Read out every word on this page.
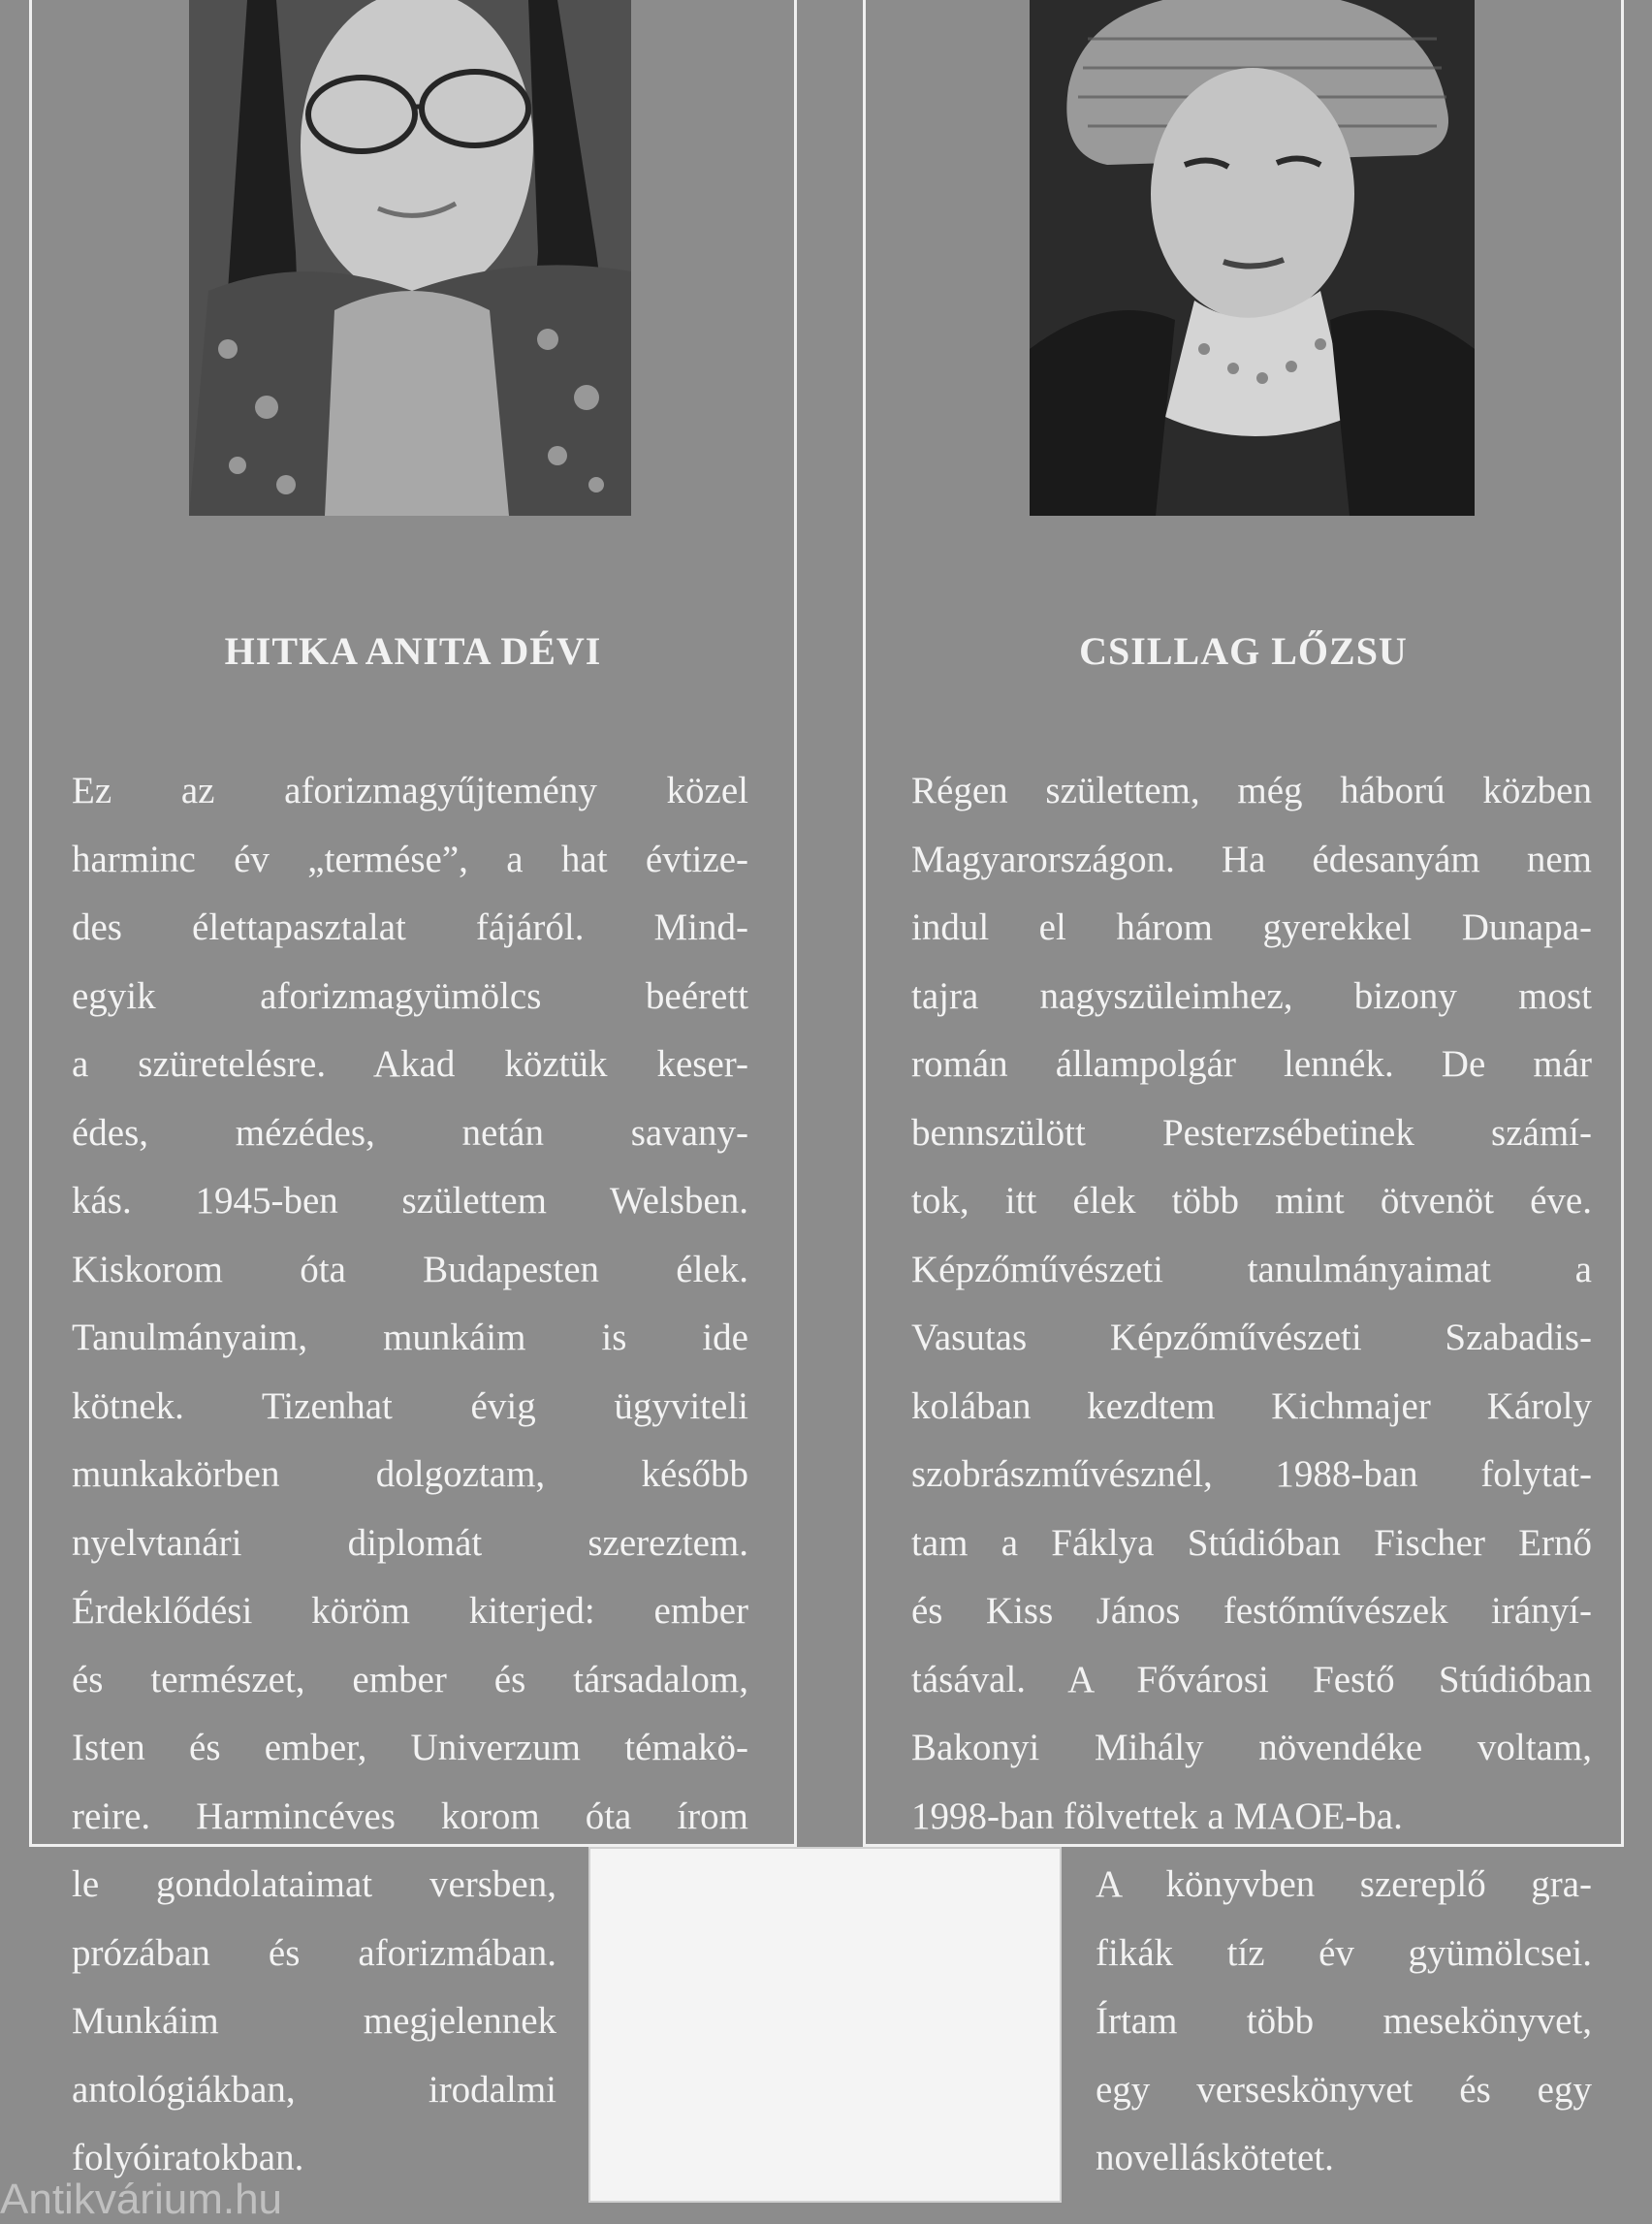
HITKA ANITA DÉVI	CSILLAG LŐZSU
Ez az aforizmagyűjtemény közel
harminc év „termése”, a hat évtize-
des élettapasztalat fájáról. Mind-
egyik aforizmagyümölcs beérett
a szüretelésre. Akad köztük keser-
édes, mézédes, netán savany-
kás. 1945-ben születtem Welsben.
Kiskorom óta Budapesten élek.
Tanulmányaim, munkáim is ide
kötnek. Tizenhat évig ügyviteli
munkakörben dolgoztam, később
nyelvtanári diplomát szereztem.
Érdeklődési köröm kiterjed: ember
és természet, ember és társadalom,
Isten és ember, Univerzum témakö-
reire. Harmincéves korom óta írom
le gondolataimat versben,
prózában és aforizmában.
Munkáim megjelennek
antológiákban, irodalmi
folyóiratokban.
Régen születtem, még háború közben
Magyarországon. Ha édesanyám nem
indul el három gyerekkel Dunapa-
tajra nagyszüleimhez, bizony most
román állampolgár lennék. De már
bennszülött Pesterzsébetinek számí-
tok, itt élek több mint ötvenöt éve.
Képzőművészeti tanulmányaimat a
Vasutas Képzőművészeti Szabadis-
kolában kezdtem Kichmajer Károly
szobrászművésznél, 1988-ban folytat-
tam a Fáklya Stúdióban Fischer Ernő
és Kiss János festőművészek irányí-
tásával. A Fővárosi Festő Stúdióban
Bakonyi Mihály növendéke voltam,
1998-ban fölvettek a MAOE-ba.
A könyvben szereplő gra-
fikák tíz év gyümölcsei.
Írtam több mesekönyvet,
egy verseskönyvet és egy
novelláskötetet.
Antikvárium.hu
